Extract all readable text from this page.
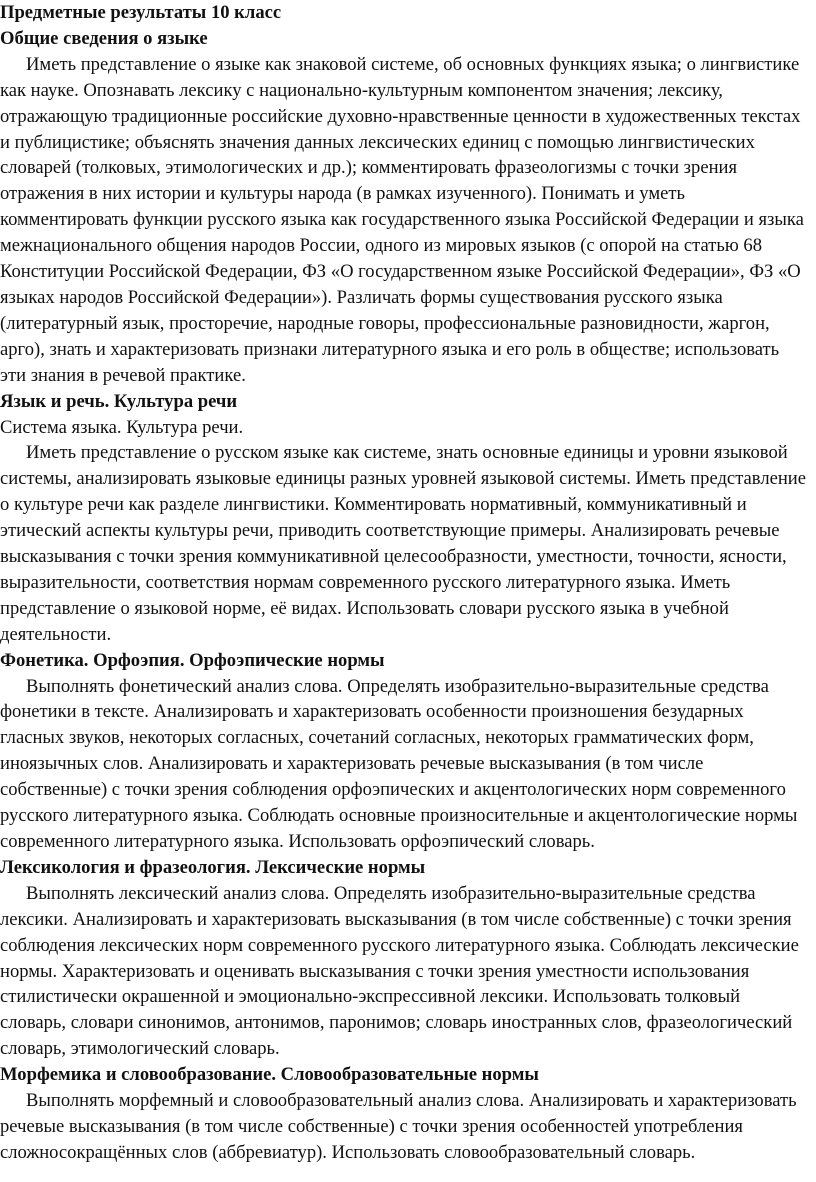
Предметные результаты 10 класс

Общие сведения о языке

Иметь представление о языке как знаковой системе, об основных функциях языка; о лингвистике как науке. Опознавать лексику с национально-культурным компонентом значения; лексику, отражающую традиционные российские духовно-нравственные ценности в художественных текстах и публицистике; объяснять значения данных лексических единиц с помощью лингвистических словарей (толковых, этимологических и др.); комментировать фразеологизмы с точки зрения отражения в них истории и культуры народа (в рамках изученного). Понимать и уметь комментировать функции русского языка как государственного языка Российской Федерации и языка межнационального общения народов России, одного из мировых языков (с опорой на статью 68 Конституции Российской Федерации, ФЗ «О государственном языке Российской Федерации», ФЗ «О языках народов Российской Федерации»). Различать формы существования русского языка (литературный язык, просторечие, народные говоры, профессиональные разновидности, жаргон, арго), знать и характеризовать признаки литературного языка и его роль в обществе; использовать эти знания в речевой практике.

Язык и речь. Культура речи

Система языка. Культура речи.

Иметь представление о русском языке как системе, знать основные единицы и уровни языковой системы, анализировать языковые единицы разных уровней языковой системы. Иметь представление о культуре речи как разделе лингвистики. Комментировать нормативный, коммуникативный и этический аспекты культуры речи, приводить соответствующие примеры. Анализировать речевые высказывания с точки зрения коммуникативной целесообразности, уместности, точности, ясности, выразительности, соответствия нормам современного русского литературного языка. Иметь представление о языковой норме, её видах. Использовать словари русского языка в учебной деятельности.

Фонетика. Орфоэпия. Орфоэпические нормы

Выполнять фонетический анализ слова. Определять изобразительно-выразительные средства фонетики в тексте. Анализировать и характеризовать особенности произношения безударных гласных звуков, некоторых согласных, сочетаний согласных, некоторых грамматических форм, иноязычных слов. Анализировать и характеризовать речевые высказывания (в том числе собственные) с точки зрения соблюдения орфоэпических и акцентологических норм современного русского литературного языка. Соблюдать основные произносительные и акцентологические нормы современного литературного языка. Использовать орфоэпический словарь.

Лексикология и фразеология. Лексические нормы

Выполнять лексический анализ слова. Определять изобразительно-выразительные средства лексики. Анализировать и характеризовать высказывания (в том числе собственные) с точки зрения соблюдения лексических норм современного русского литературного языка. Соблюдать лексические нормы. Характеризовать и оценивать высказывания с точки зрения уместности использования стилистически окрашенной и эмоционально-экспрессивной лексики. Использовать толковый словарь, словари синонимов, антонимов, паронимов; словарь иностранных слов, фразеологический словарь, этимологический словарь.

Морфемика и словообразование. Словообразовательные нормы

Выполнять морфемный и словообразовательный анализ слова. Анализировать и характеризовать речевые высказывания (в том числе собственные) с точки зрения особенностей употребления сложносокращённых слов (аббревиатур). Использовать словообразовательный словарь.
